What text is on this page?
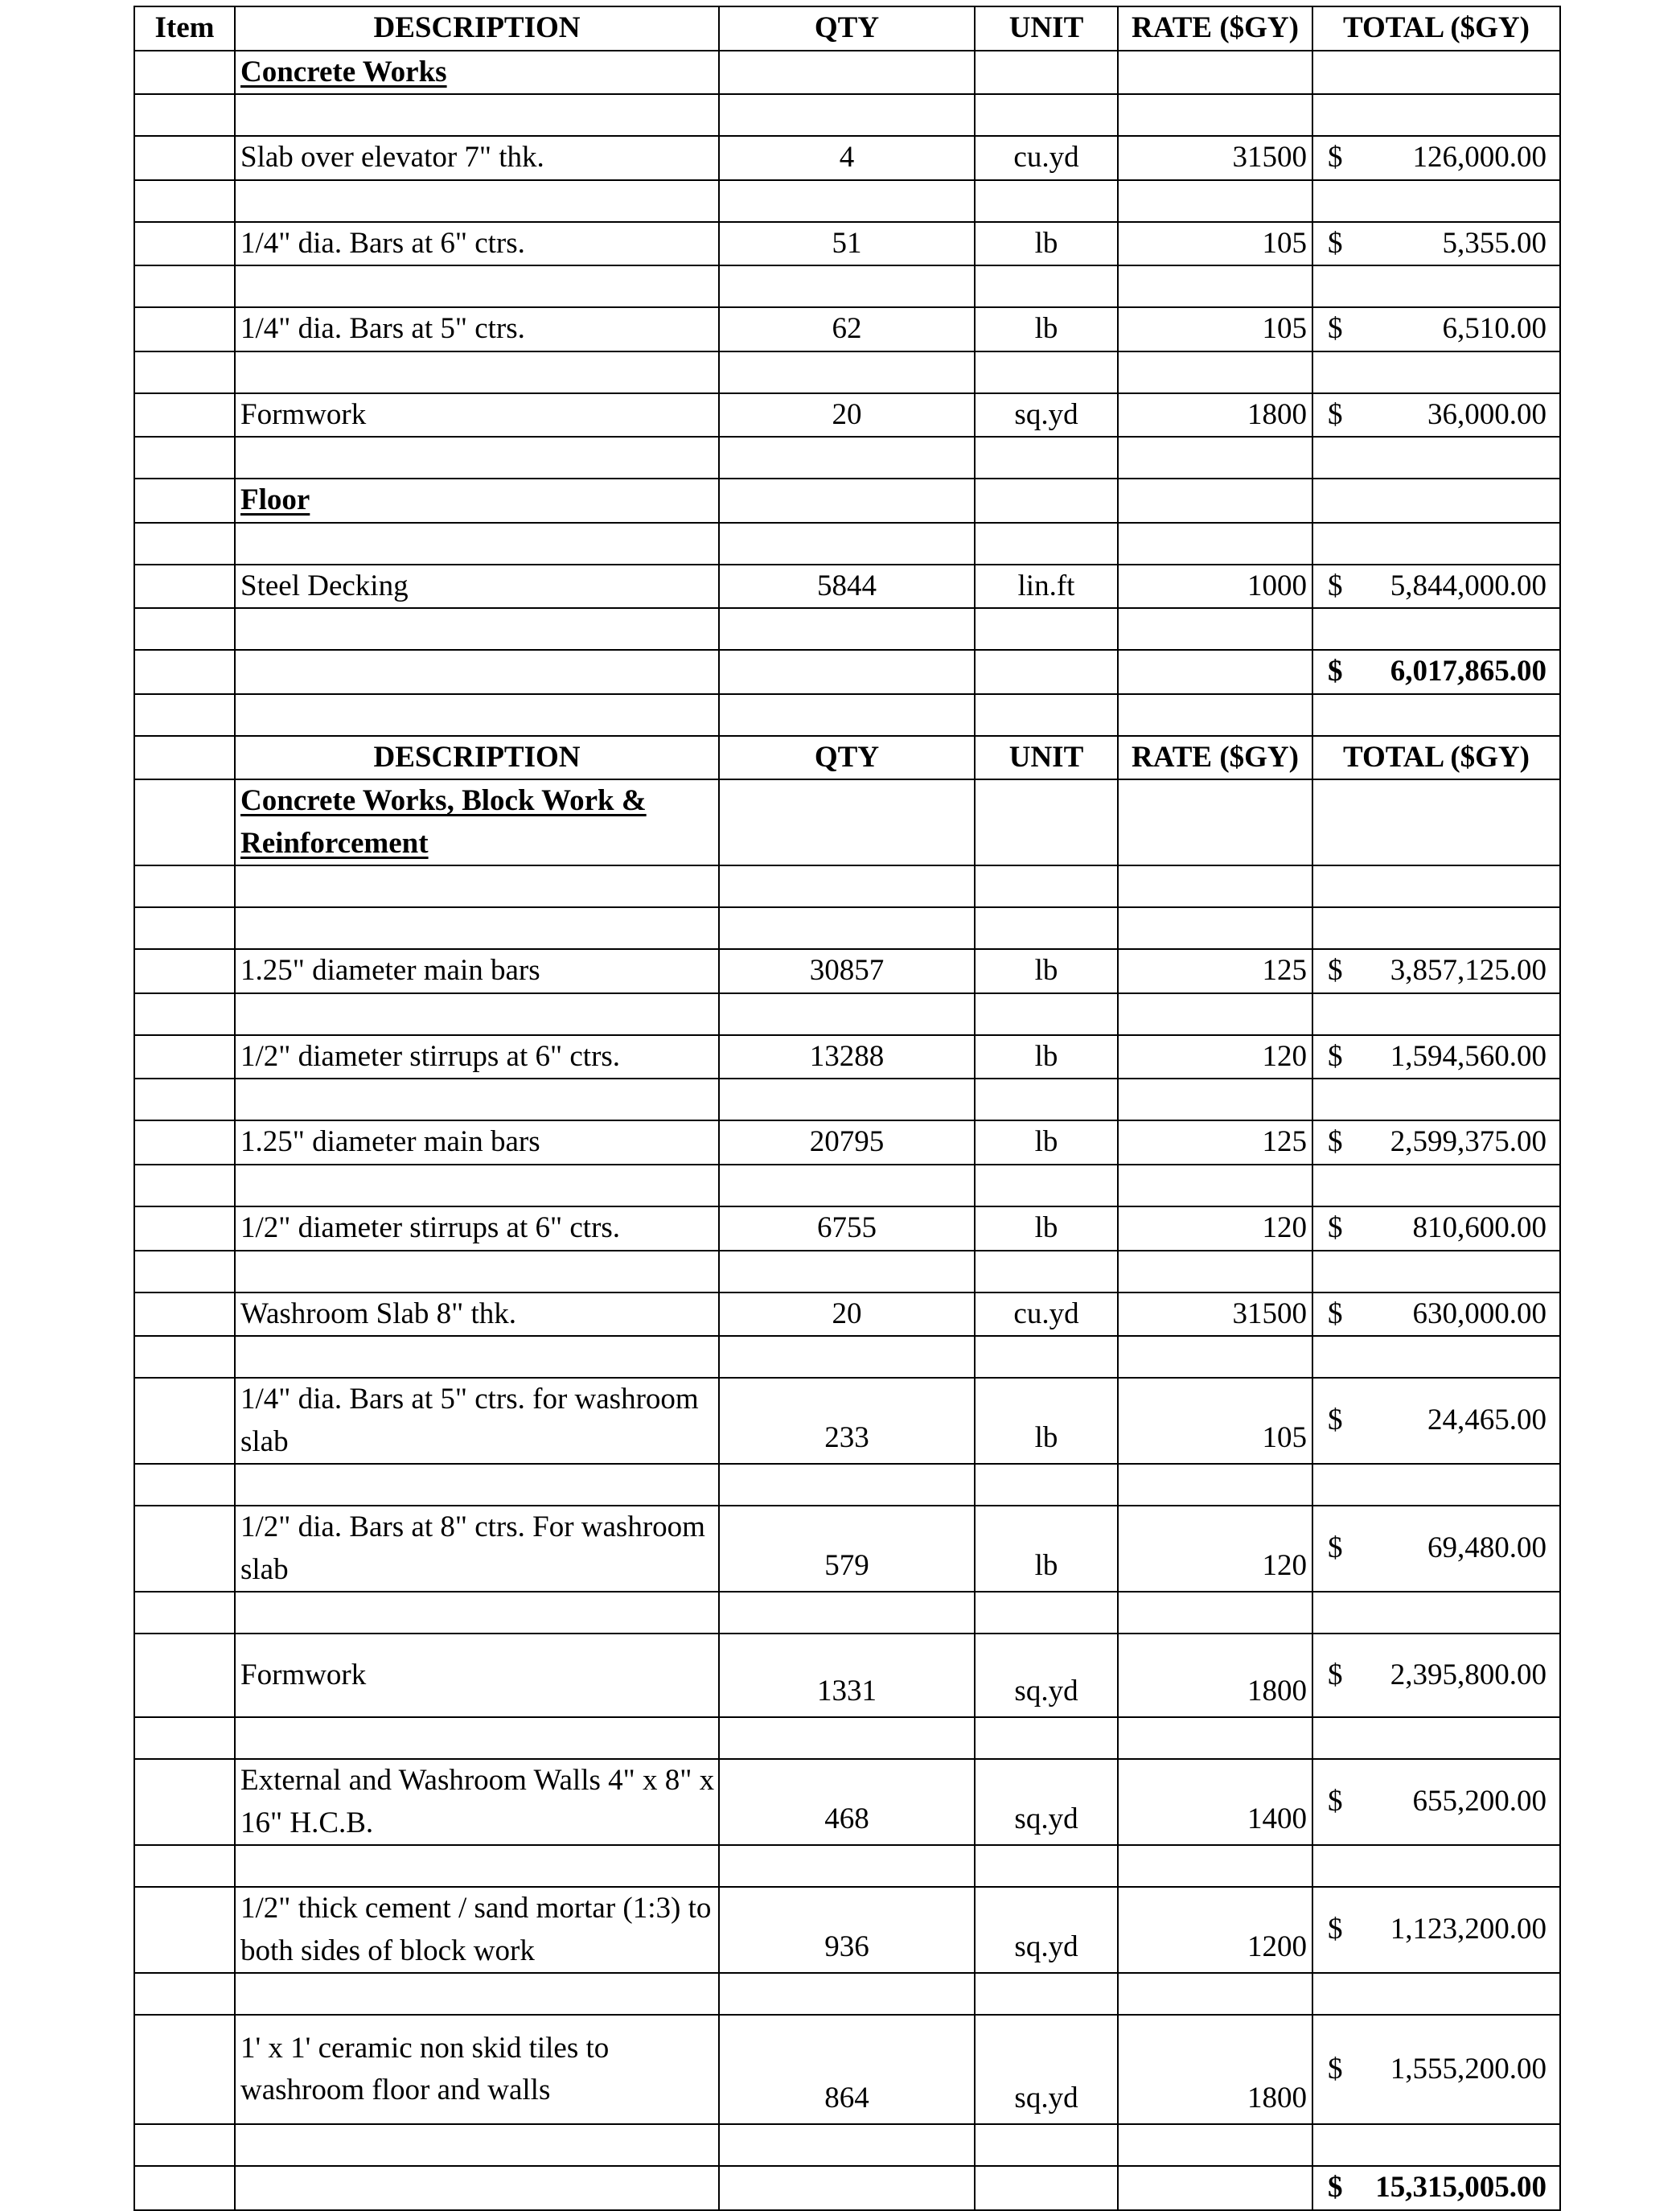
Item	DESCRIPTION	QTY	UNIT	RATE ($GY)	TOTAL ($GY)
	Concrete Works				

	Slab over elevator 7" thk.	4	cu.yd	31500	$ 126,000.00

	1/4" dia. Bars at 6" ctrs.	51	lb	105	$ 5,355.00

	1/4" dia. Bars at 5" ctrs.	62	lb	105	$ 6,510.00

	Formwork	20	sq.yd	1800	$ 36,000.00

	Floor				

	Steel Decking	5844	lin.ft	1000	$ 5,844,000.00

					$ 6,017,865.00

	DESCRIPTION	QTY	UNIT	RATE ($GY)	TOTAL ($GY)
	Concrete Works, Block Work &
Reinforcement				

	1.25" diameter main bars	30857	lb	125	$ 3,857,125.00

	1/2" diameter stirrups at 6" ctrs.	13288	lb	120	$ 1,594,560.00

	1.25" diameter main bars	20795	lb	125	$ 2,599,375.00

	1/2" diameter stirrups at 6" ctrs.	6755	lb	120	$ 810,600.00

	Washroom Slab 8" thk.	20	cu.yd	31500	$ 630,000.00

	1/4" dia. Bars at 5" ctrs. for washroom slab	233	lb	105	$ 24,465.00

	1/2" dia. Bars at 8" ctrs. For washroom slab	579	lb	120	$ 69,480.00

	Formwork	1331	sq.yd	1800	$ 2,395,800.00

	External and Washroom Walls 4" x 8" x 16" H.C.B.	468	sq.yd	1400	$ 655,200.00

	1/2" thick cement / sand mortar (1:3) to both sides of block work	936	sq.yd	1200	$ 1,123,200.00

	1' x 1' ceramic non skid tiles to washroom floor and walls	864	sq.yd	1800	$ 1,555,200.00

					$ 15,315,005.00
